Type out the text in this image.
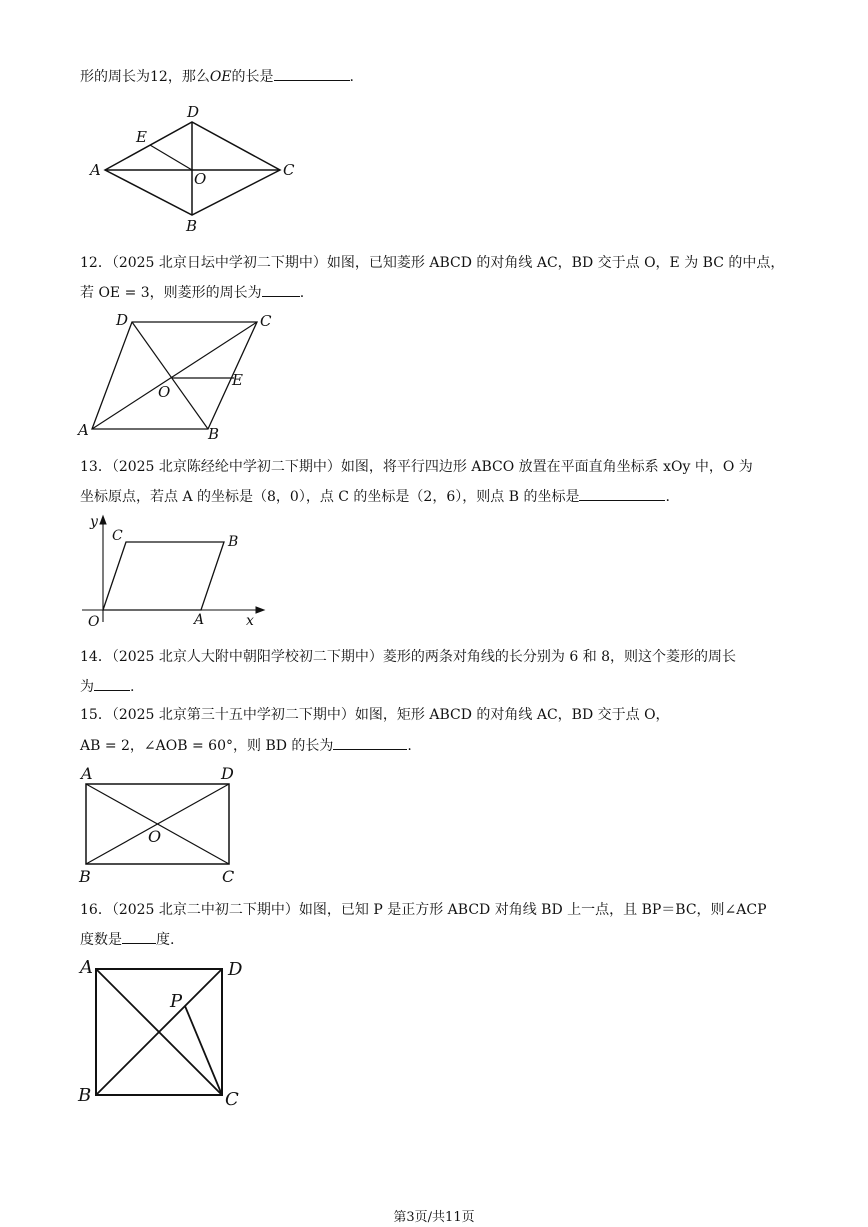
形的周长为12，那么OE的长是	.
A
D
C
B
E
O
12．（2025 北京日坛中学初二下期中）如图，已知菱形 ABCD 的对角线 AC，BD 交于点 O，E 为 BC 的中点，
若 OE = 3，则菱形的周长为	.
D	C
E
O
A	B
13．（2025 北京陈经纶中学初二下期中）如图，将平行四边形 ABCO 放置在平面直角坐标系 xOy 中，O 为
坐标原点，若点 A 的坐标是（8，0），点 C 的坐标是（2，6），则点 B 的坐标是	.
y
C	B
O	A	x
14．（2025 北京人大附中朝阳学校初二下期中）菱形的两条对角线的长分别为 6 和 8，则这个菱形的周长
为	.
15．（2025 北京第三十五中学初二下期中）如图，矩形 ABCD 的对角线 AC，BD 交于点 O，
AB = 2，∠AOB = 60°，则 BD 的长为	.
A	D
O
B	C
16．（2025 北京二中初二下期中）如图，已知 P 是正方形 ABCD 对角线 BD 上一点，且 BP＝BC，则∠ACP
度数是 度.
A	D
P
B	C
第3页/共11页
